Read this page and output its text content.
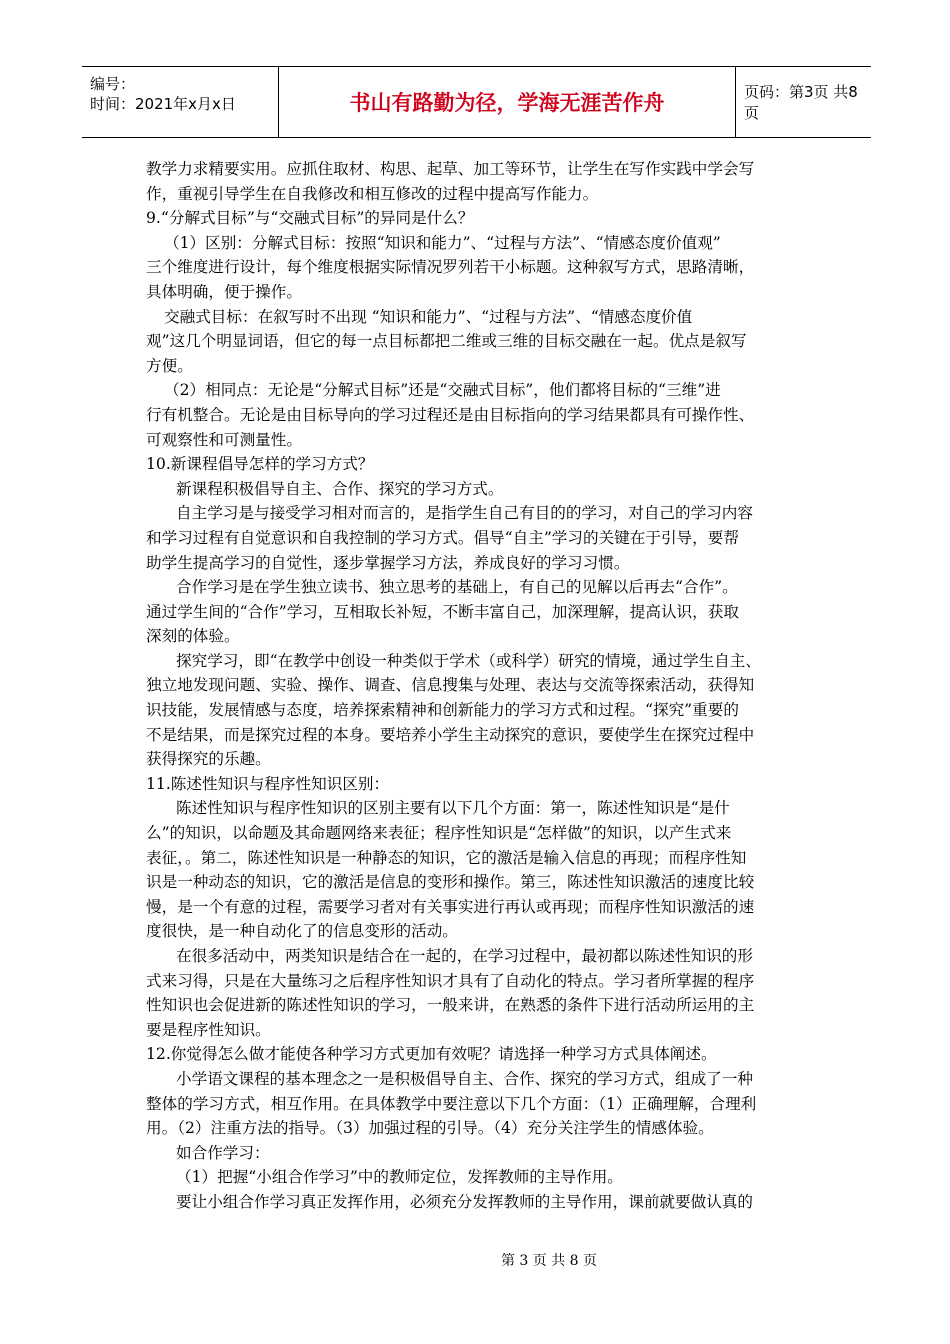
编号：
时间：2021年x月x日	书山有路勤为径，学海无涯苦作舟	页码：第3页 共8页
教学力求精要实用。应抓住取材、构思、起草、加工等环节，让学生在写作实践中学会写
作，重视引导学生在自我修改和相互修改的过程中提高写作能力。
9.“分解式目标”与“交融式目标”的异同是什么？
（1）区别：分解式目标：按照“知识和能力”、“过程与方法”、“情感态度价值观”
三个维度进行设计，每个维度根据实际情况罗列若干小标题。这种叙写方式，思路清晰，
具体明确，便于操作。
交融式目标：在叙写时不出现 “知识和能力”、“过程与方法”、“情感态度价值
观”这几个明显词语，但它的每一点目标都把二维或三维的目标交融在一起。优点是叙写
方便。
（2）相同点：无论是“分解式目标”还是“交融式目标”，他们都将目标的“三维”进
行有机整合。无论是由目标导向的学习过程还是由目标指向的学习结果都具有可操作性、
可观察性和可测量性。
10.新课程倡导怎样的学习方式？
新课程积极倡导自主、合作、探究的学习方式。
自主学习是与接受学习相对而言的，是指学生自己有目的的学习，对自己的学习内容
和学习过程有自觉意识和自我控制的学习方式。倡导“自主”学习的关键在于引导，要帮
助学生提高学习的自觉性，逐步掌握学习方法，养成良好的学习习惯。
合作学习是在学生独立读书、独立思考的基础上，有自己的见解以后再去“合作”。
通过学生间的“合作”学习，互相取长补短，不断丰富自己，加深理解，提高认识，获取
深刻的体验。
探究学习，即“在教学中创设一种类似于学术（或科学）研究的情境，通过学生自主、
独立地发现问题、实验、操作、调查、信息搜集与处理、表达与交流等探索活动，获得知
识技能，发展情感与态度，培养探索精神和创新能力的学习方式和过程。“探究”重要的
不是结果，而是探究过程的本身。要培养小学生主动探究的意识，要使学生在探究过程中
获得探究的乐趣。
11.陈述性知识与程序性知识区别：
陈述性知识与程序性知识的区别主要有以下几个方面：第一，陈述性知识是“是什
么”的知识，以命题及其命题网络来表征；程序性知识是“怎样做”的知识，以产生式来
表征，。第二，陈述性知识是一种静态的知识，它的激活是输入信息的再现；而程序性知
识是一种动态的知识，它的激活是信息的变形和操作。第三，陈述性知识激活的速度比较
慢，是一个有意的过程，需要学习者对有关事实进行再认或再现；而程序性知识激活的速
度很快，是一种自动化了的信息变形的活动。
在很多活动中，两类知识是结合在一起的，在学习过程中，最初都以陈述性知识的形
式来习得，只是在大量练习之后程序性知识才具有了自动化的特点。学习者所掌握的程序
性知识也会促进新的陈述性知识的学习，一般来讲，在熟悉的条件下进行活动所运用的主
要是程序性知识。
12.你觉得怎么做才能使各种学习方式更加有效呢？请选择一种学习方式具体阐述。
小学语文课程的基本理念之一是积极倡导自主、合作、探究的学习方式，组成了一种
整体的学习方式，相互作用。在具体教学中要注意以下几个方面：（1）正确理解，合理利
用。（2）注重方法的指导。（3）加强过程的引导。（4）充分关注学生的情感体验。
如合作学习：
（1）把握“小组合作学习”中的教师定位，发挥教师的主导作用。
要让小组合作学习真正发挥作用，必须充分发挥教师的主导作用，课前就要做认真的
第 3 页 共 8 页
